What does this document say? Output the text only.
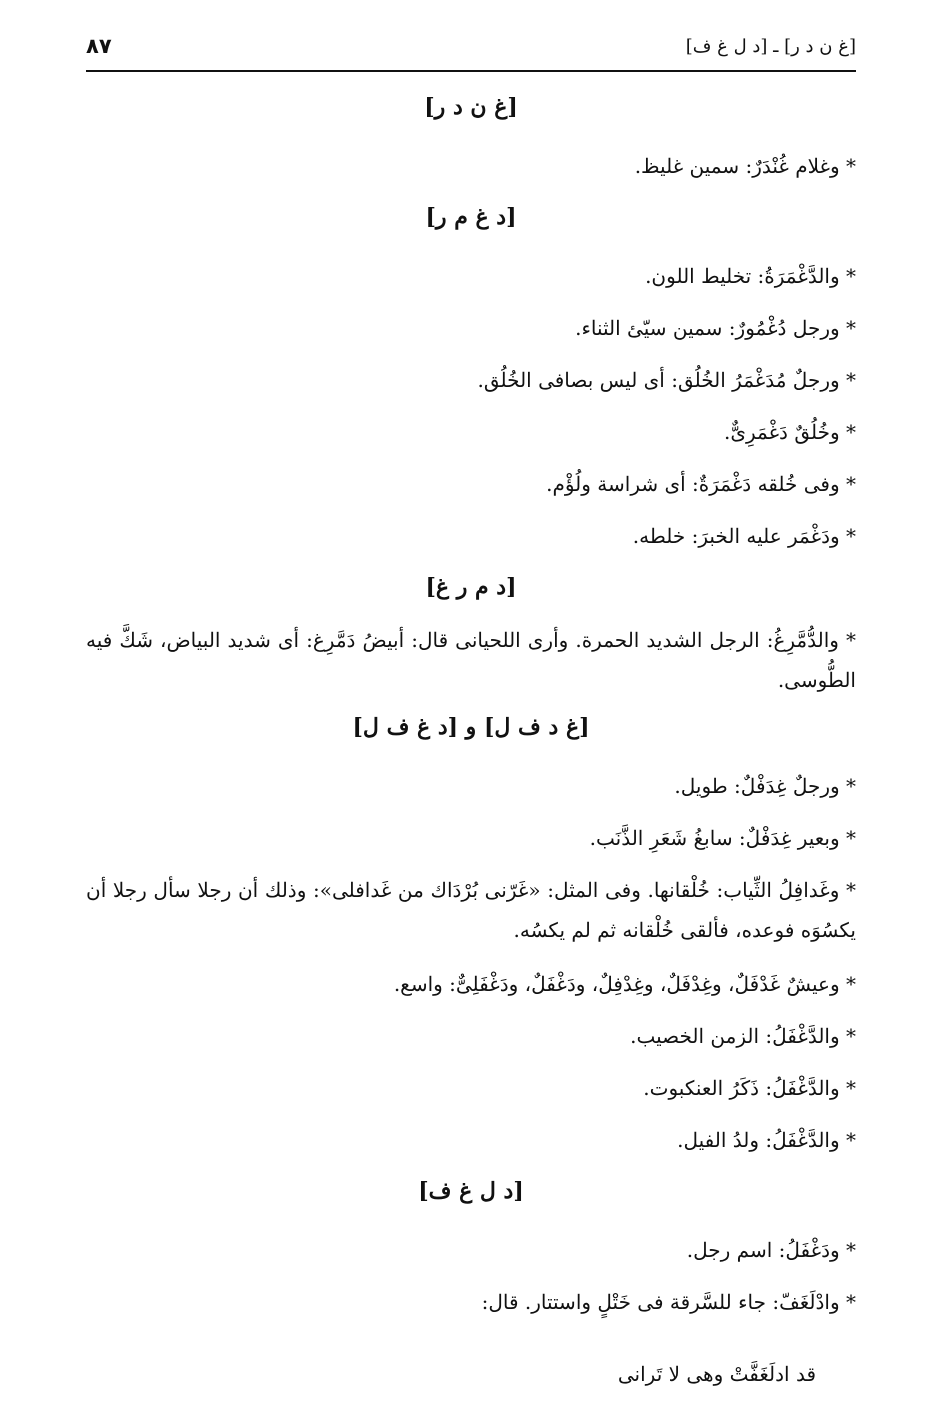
٨٧	[غ ن د ر] ـ [د ل غ ف]
[غ ن د ر]

* وغلام غُنْدَرٌ: سمين غليظ.

[د غ م ر]

* والدَّغْمَرَةُ: تخليط اللون.

* ورجل دُغْمُورٌ: سمين سيّئ الثناء.

* ورجلٌ مُدَغْمَرُ الخُلُق: أى ليس بصافى الخُلُق.

* وخُلُقٌ دَغْمَرِىٌّ.

* وفى خُلقه دَغْمَرَةٌ: أى شراسة ولُؤْم.

* ودَغْمَر عليه الخبرَ: خلطه.

[د م ر غ]

* والدُّمَّرِغُ: الرجل الشديد الحمرة. وأرى اللحيانى قال: أبيضُ دَمَّرِغ: أى شديد البياض، شَكَّ فيه الطُّوسى.

[غ د ف ل] و [د غ ف ل]

* ورجلٌ غِدَفْلٌ: طويل.

* وبعير غِدَفْلٌ: سابغُ شَعَرِ الذَّنَب.

* وغَدافِلُ الثِّياب: خُلْقانها. وفى المثل: «غَرّنى بُرْدَاك من غَدافلى»: وذلك أن رجلا سأل رجلا أن يكسُوَه فوعده، فألقى خُلْقانه ثم لم يكسُه.

* وعيشٌ غَدْفَلٌ، وغِدْفَلٌ، وغِدْفِلٌ، ودَغْفَلٌ، ودَغْفَلِىٌّ: واسع.

* والدَّغْفَلُ: الزمن الخصيب.

* والدَّغْفَلُ: ذَكَرُ العنكبوت.

* والدَّغْفَلُ: ولدُ الفيل.

[د ل غ ف]

* ودَغْفَلُ: اسم رجل.

* وادْلَغَفّ: جاء للسَّرقة فى خَتْلٍ واستتار. قال:

قد ادلَغَفَّتْ وهى لا تَرانى
